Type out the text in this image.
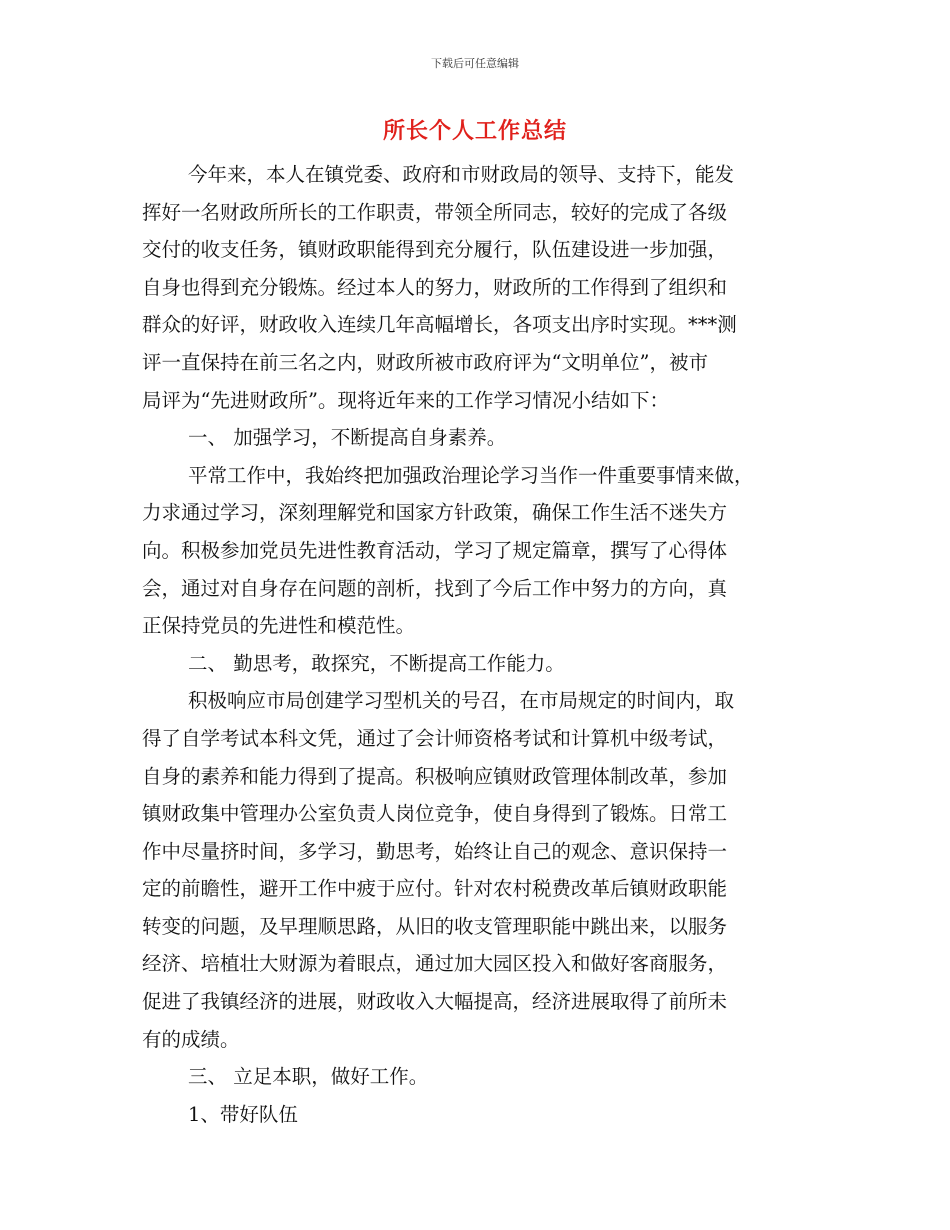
下载后可任意编辑
所长个人工作总结
今年来，本人在镇党委、政府和市财政局的领导、支持下，能发
挥好一名财政所所长的工作职责，带领全所同志，较好的完成了各级
交付的收支任务，镇财政职能得到充分履行，队伍建设进一步加强，
自身也得到充分锻炼。经过本人的努力，财政所的工作得到了组织和
群众的好评，财政收入连续几年高幅增长，各项支出序时实现。***测
评一直保持在前三名之内，财政所被市政府评为“文明单位”，被市
局评为“先进财政所”。现将近年来的工作学习情况小结如下：
一、 加强学习，不断提高自身素养。
平常工作中，我始终把加强政治理论学习当作一件重要事情来做，
力求通过学习，深刻理解党和国家方针政策，确保工作生活不迷失方
向。积极参加党员先进性教育活动，学习了规定篇章，撰写了心得体
会，通过对自身存在问题的剖析，找到了今后工作中努力的方向，真
正保持党员的先进性和模范性。
二、 勤思考，敢探究，不断提高工作能力。
积极响应市局创建学习型机关的号召，在市局规定的时间内，取
得了自学考试本科文凭，通过了会计师资格考试和计算机中级考试，
自身的素养和能力得到了提高。积极响应镇财政管理体制改革，参加
镇财政集中管理办公室负责人岗位竞争，使自身得到了锻炼。日常工
作中尽量挤时间，多学习，勤思考，始终让自己的观念、意识保持一
定的前瞻性，避开工作中疲于应付。针对农村税费改革后镇财政职能
转变的问题，及早理顺思路，从旧的收支管理职能中跳出来，以服务
经济、培植壮大财源为着眼点，通过加大园区投入和做好客商服务，
促进了我镇经济的进展，财政收入大幅提高，经济进展取得了前所未
有的成绩。
三、 立足本职，做好工作。
1、带好队伍
